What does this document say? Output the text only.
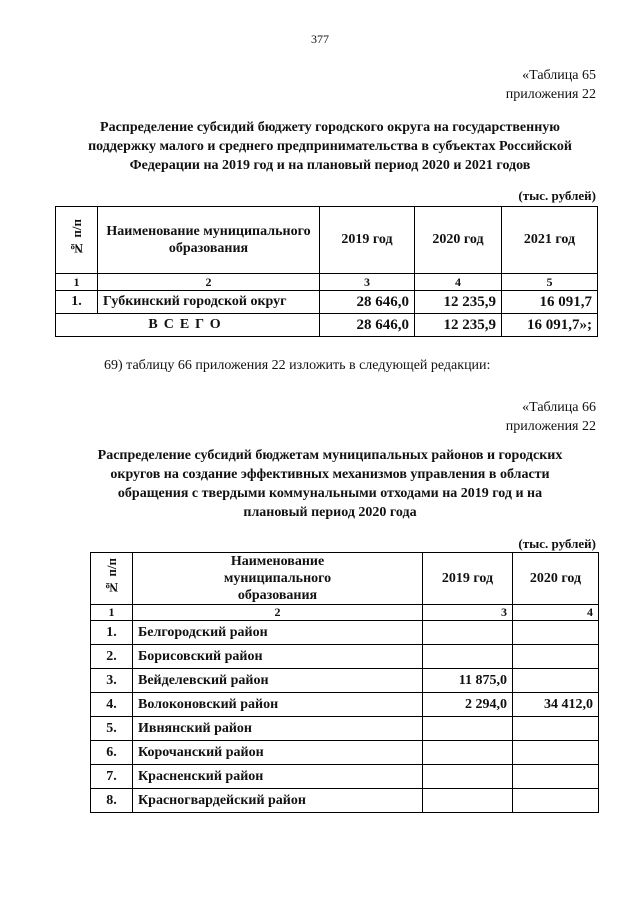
377
«Таблица 65
приложения 22
Распределение субсидий бюджету городского округа на государственную
поддержку малого и среднего предпринимательства в субъектах Российской
Федерации на 2019 год и на плановый период 2020 и 2021 годов
(тыс. рублей)
№ п/п	Наименование муниципального образования	2019 год	2020 год	2021 год
1	2	3	4	5
1.	Губкинский городской округ	28 646,0	12 235,9	16 091,7
ВСЕГО		28 646,0	12 235,9	16 091,7»;
69) таблицу 66 приложения 22 изложить в следующей редакции:
«Таблица 66
приложения 22
Распределение субсидий бюджетам муниципальных районов и городских
округов на создание эффективных механизмов управления в области
обращения с твердыми коммунальными отходами на 2019 год и на
плановый период 2020 года
(тыс. рублей)
№ п/п	Наименование муниципального образования	2019 год	2020 год
1	2	3	4
1.	Белгородский район		
2.	Борисовский район		
3.	Вейделевский район	11 875,0	
4.	Волоконовский район	2 294,0	34 412,0
5.	Ивнянский район		
6.	Корочанский район		
7.	Красненский район		
8.	Красногвардейский район		
